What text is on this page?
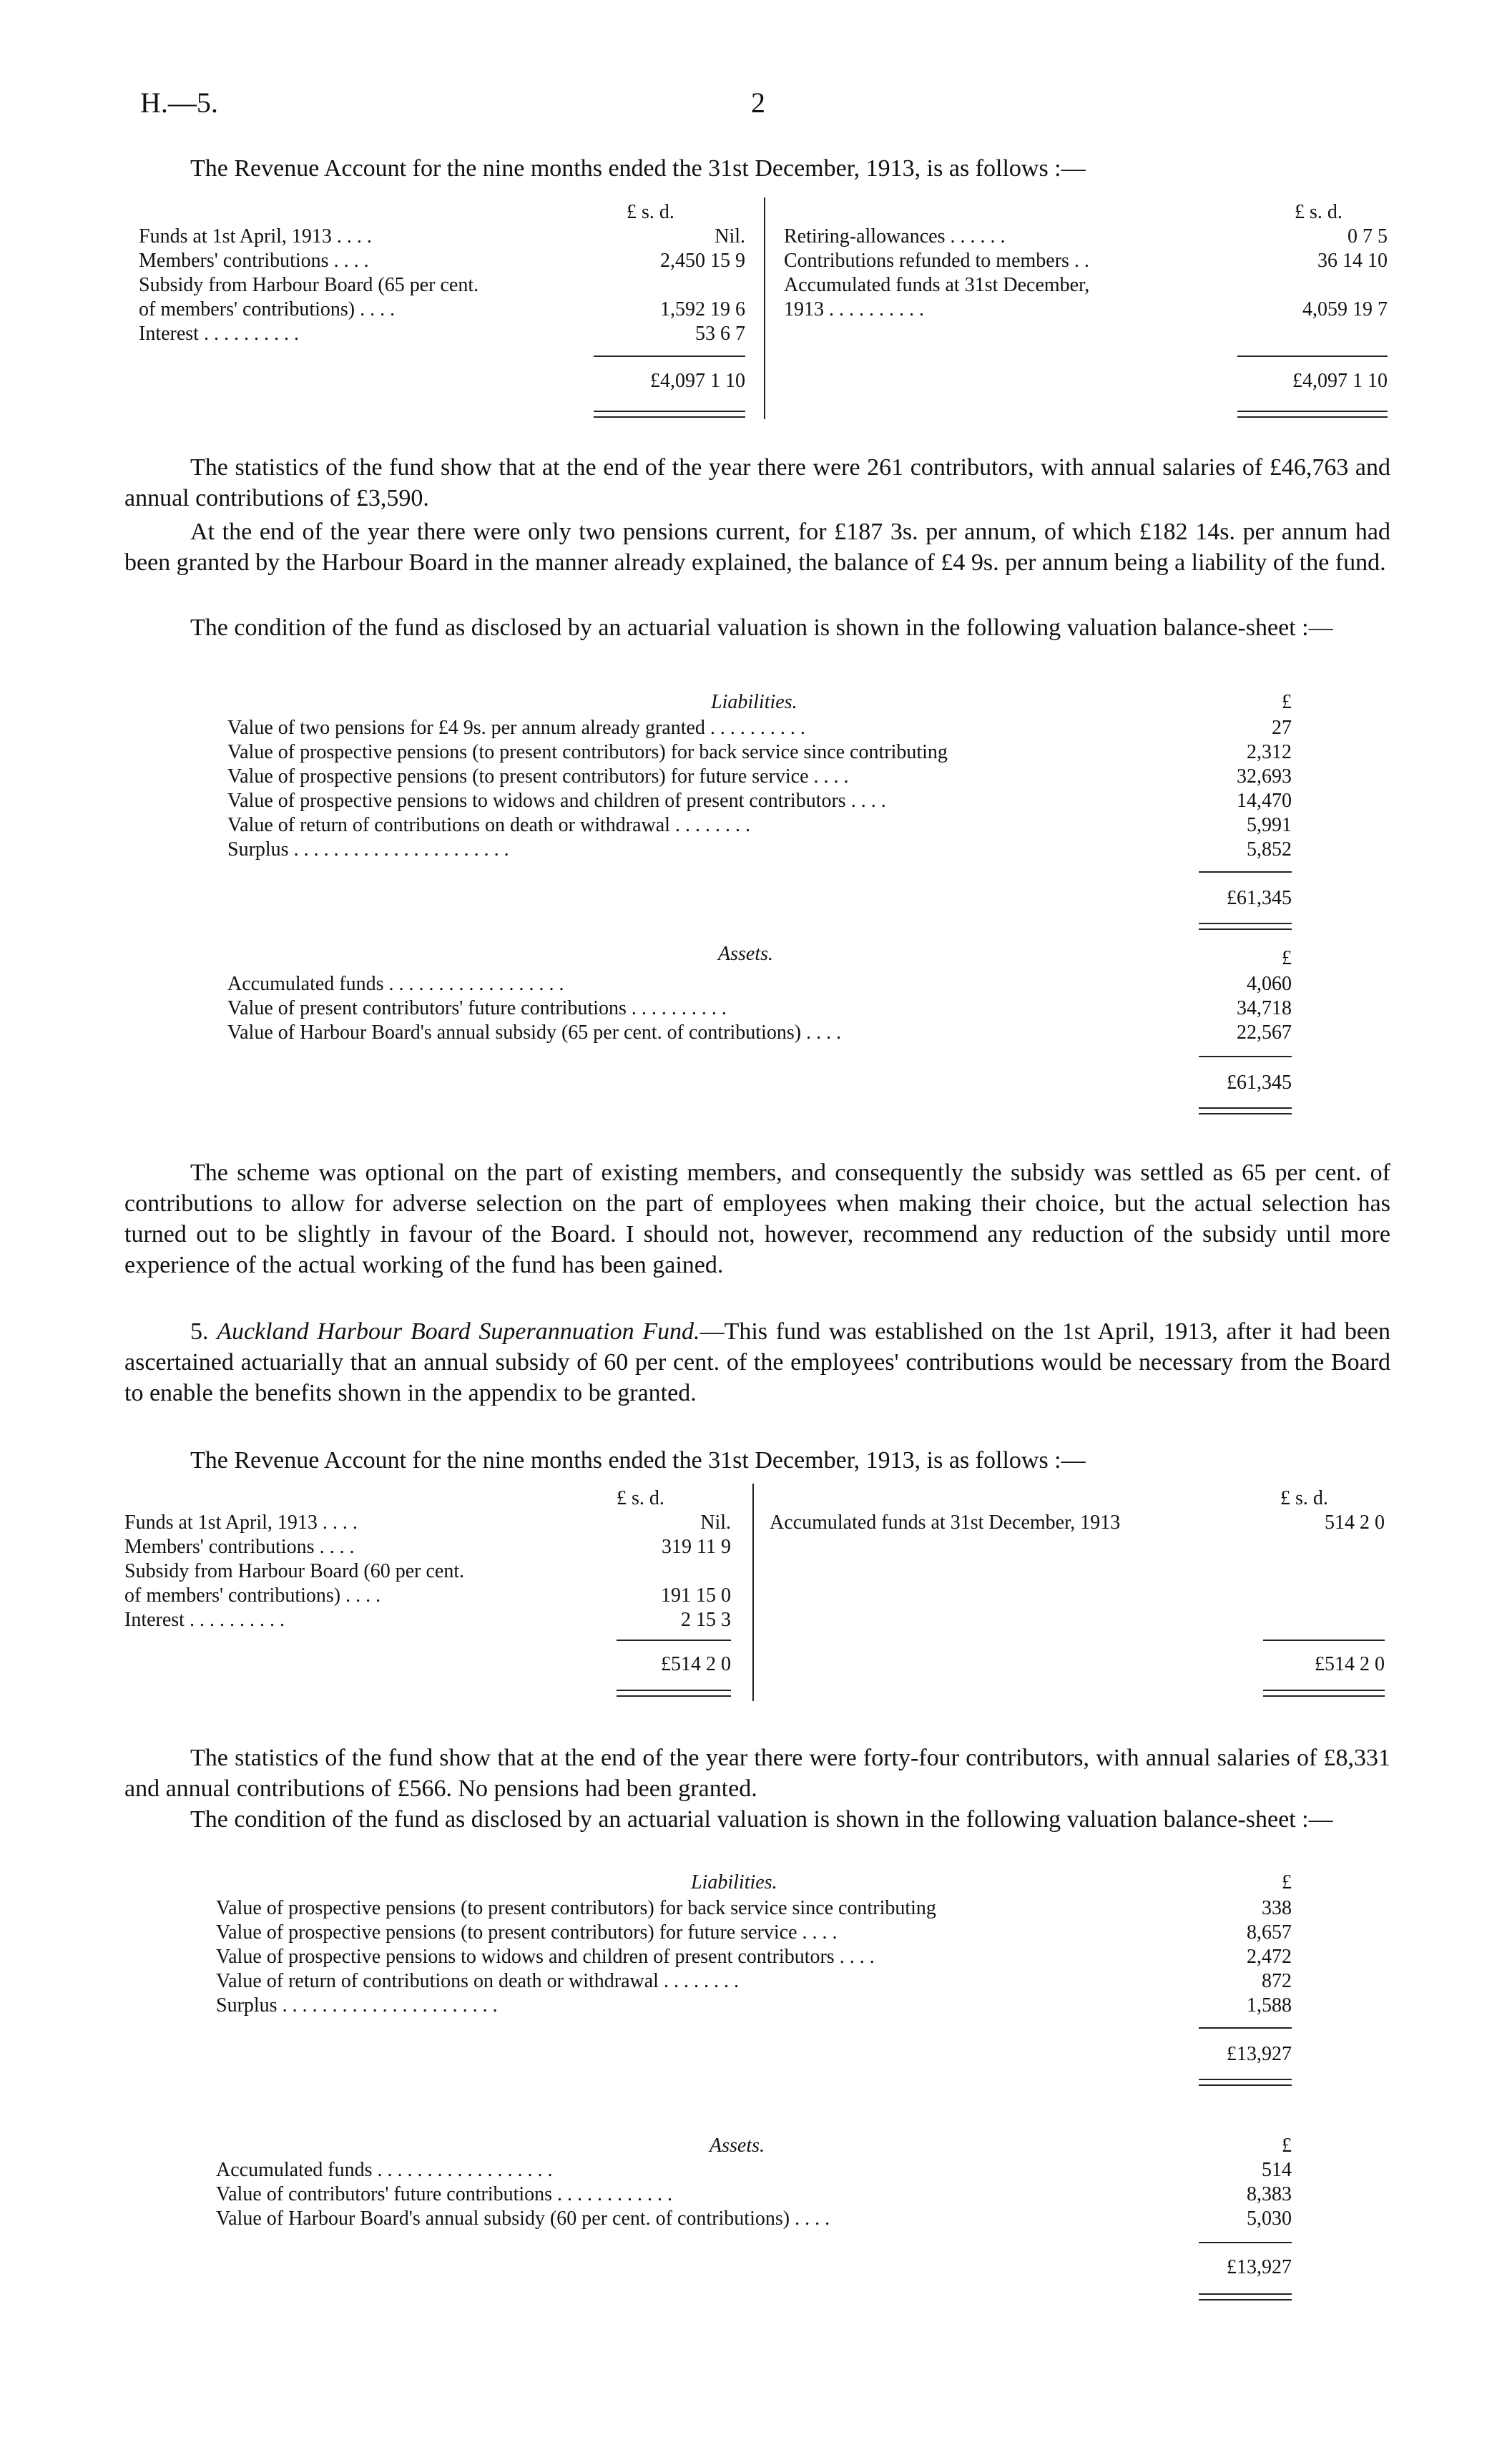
H.—5.	2
The Revenue Account for the nine months ended the 31st December, 1913, is as follows :—
£ s. d.	£ s. d.
Funds at 1st April, 1913 . . . .	Nil.
Members' contributions . . . .	2,450 15 9
Subsidy from Harbour Board (65 per cent.
of members' contributions) . . . .	1,592 19 6
Interest . . . . . . . . . .	53 6 7
£4,097 1 10
Retiring-allowances . . . . . .	0 7 5
Contributions refunded to members . .	36 14 10
Accumulated funds at 31st December,
1913 . . . . . . . . . .	4,059 19 7
£4,097 1 10
The statistics of the fund show that at the end of the year there were 261 contributors, with annual salaries of £46,763 and annual contributions of £3,590.
At the end of the year there were only two pensions current, for £187 3s. per annum, of which £182 14s. per annum had been granted by the Harbour Board in the manner already explained, the balance of £4 9s. per annum being a liability of the fund.
The condition of the fund as disclosed by an actuarial valuation is shown in the following valuation balance-sheet :—
Liabilities.	£
Value of two pensions for £4 9s. per annum already granted . . . . . . . . . .	27
Value of prospective pensions (to present contributors) for back service since contributing	2,312
Value of prospective pensions (to present contributors) for future service . . . .	32,693
Value of prospective pensions to widows and children of present contributors . . . .	14,470
Value of return of contributions on death or withdrawal . . . . . . . .	5,991
Surplus . . . . . . . . . . . . . . . . . . . . . .	5,852
£61,345
Assets.	£
Accumulated funds . . . . . . . . . . . . . . . . . .	4,060
Value of present contributors' future contributions . . . . . . . . . .	34,718
Value of Harbour Board's annual subsidy (65 per cent. of contributions) . . . .	22,567
£61,345
The scheme was optional on the part of existing members, and consequently the subsidy was settled as 65 per cent. of contributions to allow for adverse selection on the part of employees when making their choice, but the actual selection has turned out to be slightly in favour of the Board. I should not, however, recommend any reduction of the subsidy until more experience of the actual working of the fund has been gained.
5. Auckland Harbour Board Superannuation Fund.—This fund was established on the 1st April, 1913, after it had been ascertained actuarially that an annual subsidy of 60 per cent. of the employees' contributions would be necessary from the Board to enable the benefits shown in the appendix to be granted.
The Revenue Account for the nine months ended the 31st December, 1913, is as follows :—
£ s. d.	£ s. d.
Funds at 1st April, 1913 . . . .	Nil.
Members' contributions . . . .	319 11 9
Subsidy from Harbour Board (60 per cent.
of members' contributions) . . . .	191 15 0
Interest . . . . . . . . . .	2 15 3
£514 2 0
Accumulated funds at 31st December, 1913	514 2 0
£514 2 0
The statistics of the fund show that at the end of the year there were forty-four contributors, with annual salaries of £8,331 and annual contributions of £566. No pensions had been granted.
The condition of the fund as disclosed by an actuarial valuation is shown in the following valuation balance-sheet :—
Liabilities.	£
Value of prospective pensions (to present contributors) for back service since contributing	338
Value of prospective pensions (to present contributors) for future service . . . .	8,657
Value of prospective pensions to widows and children of present contributors . . . .	2,472
Value of return of contributions on death or withdrawal . . . . . . . .	872
Surplus . . . . . . . . . . . . . . . . . . . . . .	1,588
£13,927
Assets.	£
Accumulated funds . . . . . . . . . . . . . . . . . .	514
Value of contributors' future contributions . . . . . . . . . . . .	8,383
Value of Harbour Board's annual subsidy (60 per cent. of contributions) . . . .	5,030
£13,927
